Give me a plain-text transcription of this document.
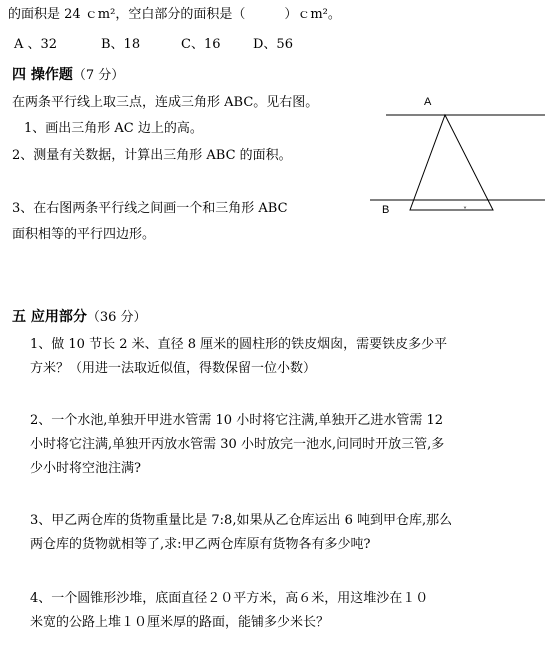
的面积是 24 ｃm²，空白部分的面积是（　　　）ｃm²。
A 、32	B、18	C、16	D、56
四 操作题（7 分）
在两条平行线上取三点，连成三角形 ABC。见右图。
1、画出三角形 AC 边上的高。
2、测量有关数据，计算出三角形 ABC 的面积。
3、在右图两条平行线之间画一个和三角形 ABC
面积相等的平行四边形。
˅
A
B
五 应用部分（36 分）
1、做 10 节长 2 米、直径 8 厘米的圆柱形的铁皮烟囱，需要铁皮多少平
方米？（用进一法取近似值，得数保留一位小数）
2、一个水池,单独开甲进水管需 10 小时将它注满,单独开乙进水管需 12
小时将它注满,单独开丙放水管需 30 小时放完一池水,问同时开放三管,多
少小时将空池注满?
3、甲乙两仓库的货物重量比是 7:8,如果从乙仓库运出 6 吨到甲仓库,那么
两仓库的货物就相等了,求:甲乙两仓库原有货物各有多少吨?
4、一个圆锥形沙堆，底面直径２０平方米，高６米，用这堆沙在１０
米宽的公路上堆１０厘米厚的路面，能铺多少米长？
